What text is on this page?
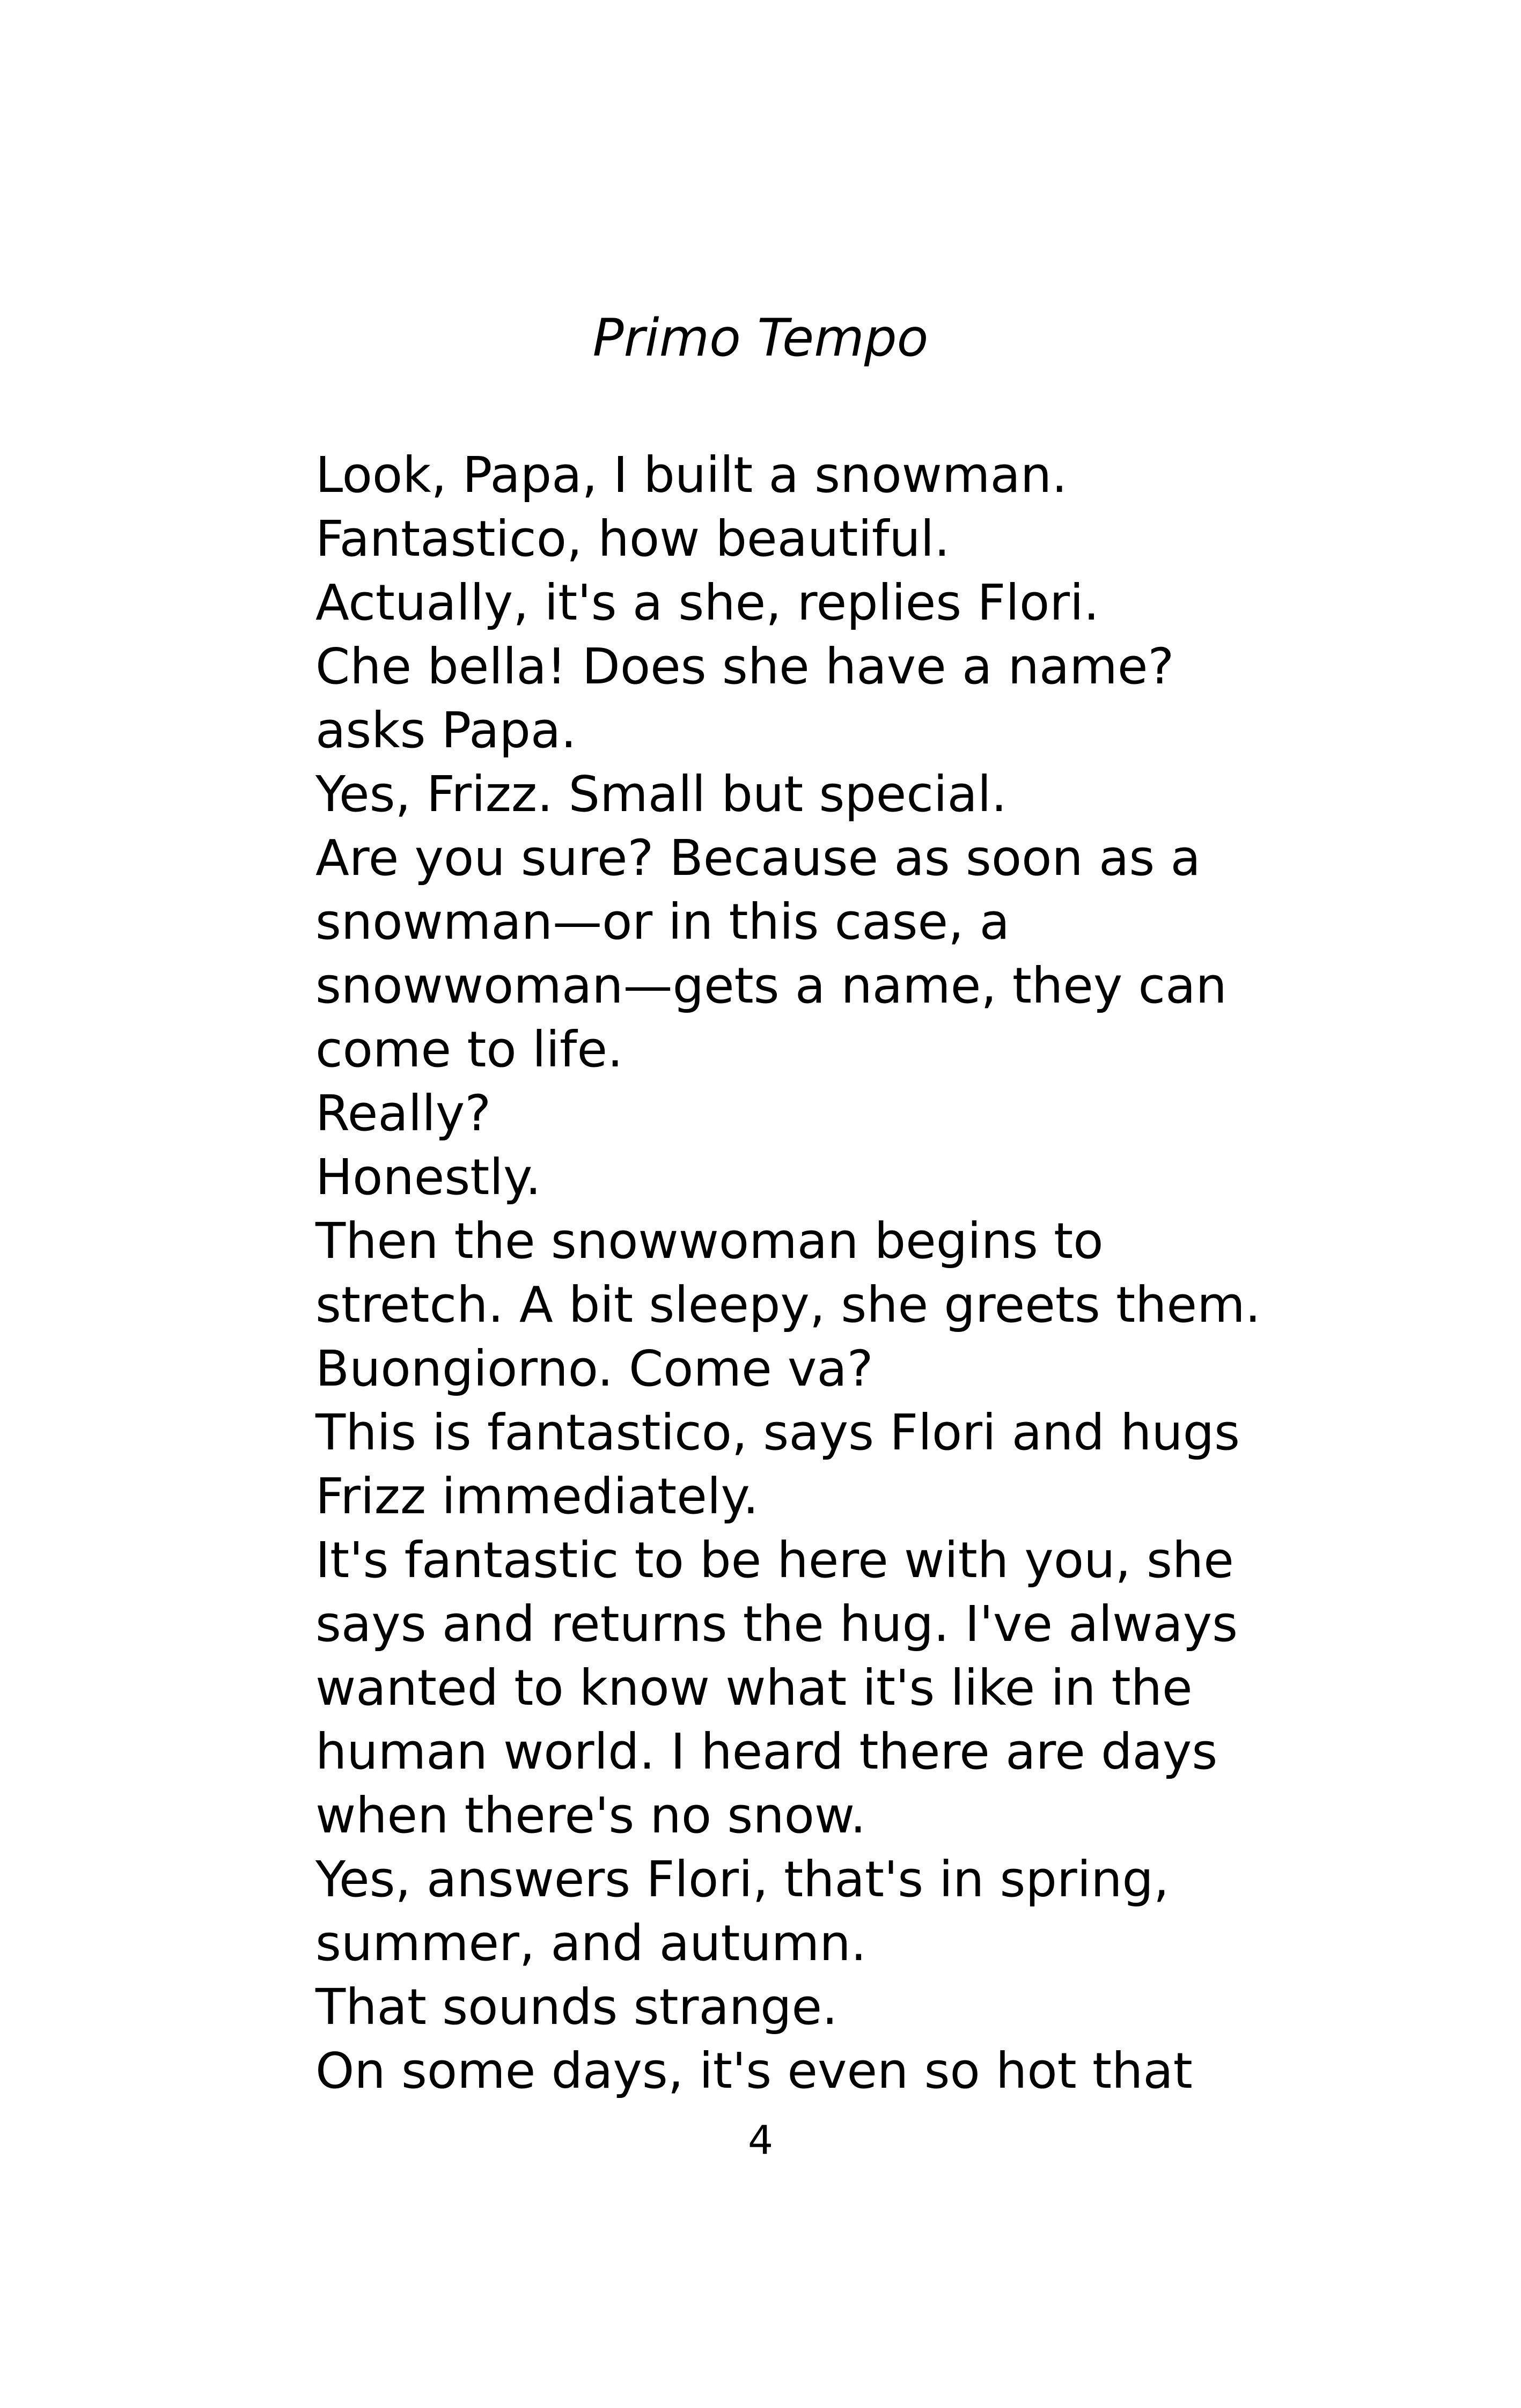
Primo Tempo
Look, Papa, I built a snowman.
Fantastico, how beautiful.
Actually, it's a she, replies Flori.
Che bella! Does she have a name?
asks Papa.
Yes, Frizz. Small but special.
Are you sure? Because as soon as a
snowman—or in this case, a
snowwoman—gets a name, they can
come to life.
Really?
Honestly.
Then the snowwoman begins to
stretch. A bit sleepy, she greets them.
Buongiorno. Come va?
This is fantastico, says Flori and hugs
Frizz immediately.
It's fantastic to be here with you, she
says and returns the hug. I've always
wanted to know what it's like in the
human world. I heard there are days
when there's no snow.
Yes, answers Flori, that's in spring,
summer, and autumn.
That sounds strange.
On some days, it's even so hot that
4
